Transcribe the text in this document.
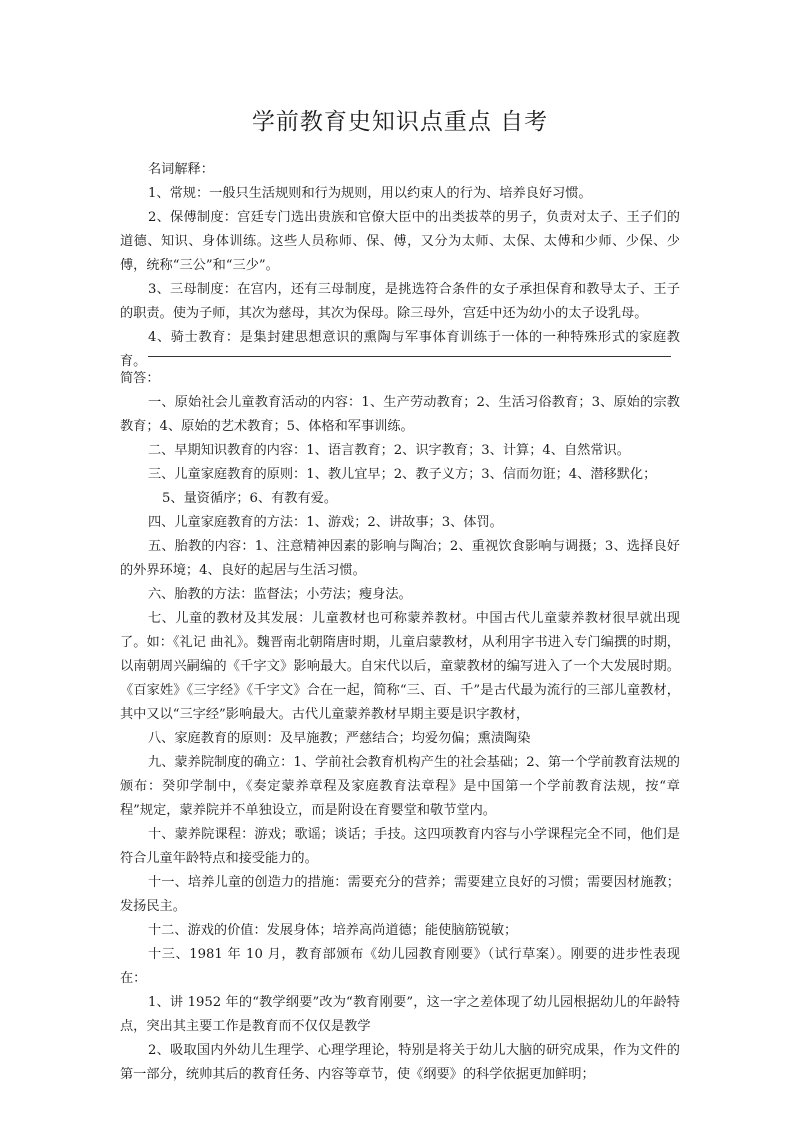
学前教育史知识点重点 自考

名词解释：

1、常规：一般只生活规则和行为规则，用以约束人的行为、培养良好习惯。

2、保傅制度：宫廷专门选出贵族和官僚大臣中的出类拔萃的男子，负责对太子、王子们的道德、知识、身体训练。这些人员称师、保、傅，又分为太师、太保、太傅和少师、少保、少傅，统称“三公”和“三少”。

3、三母制度：在宫内，还有三母制度，是挑选符合条件的女子承担保育和教导太子、王子的职责。使为子师，其次为慈母，其次为保母。除三母外，宫廷中还为幼小的太子设乳母。

4、骑士教育：是集封建思想意识的熏陶与军事体育训练于一体的一种特殊形式的家庭教育。

简答：

一、原始社会儿童教育活动的内容：1、生产劳动教育；2、生活习俗教育；3、原始的宗教教育；4、原始的艺术教育；5、体格和军事训练。

二、早期知识教育的内容：1、语言教育；2、识字教育；3、计算；4、自然常识。

三、儿童家庭教育的原则：1、教儿宜早；2、教子义方；3、信而勿诳；4、潜移默化；

5、量资循序；6、有教有爱。

四、儿童家庭教育的方法：1、游戏；2、讲故事；3、体罚。

五、胎教的内容：1、注意精神因素的影响与陶冶；2、重视饮食影响与调摄；3、选择良好的外界环境；4、良好的起居与生活习惯。

六、胎教的方法：监督法；小劳法；瘦身法。

七、儿童的教材及其发展：儿童教材也可称蒙养教材。中国古代儿童蒙养教材很早就出现了。如：《礼记 曲礼》。魏晋南北朝隋唐时期，儿童启蒙教材，从利用字书进入专门编撰的时期，以南朝周兴嗣编的《千字文》影响最大。自宋代以后，童蒙教材的编写进入了一个大发展时期。《百家姓》《三字经》《千字文》合在一起，简称“三、百、千”是古代最为流行的三部儿童教材，其中又以“三字经”影响最大。古代儿童蒙养教材早期主要是识字教材，

八、家庭教育的原则：及早施教；严慈结合；均爱勿偏；熏渍陶染

九、蒙养院制度的确立：1、学前社会教育机构产生的社会基础；2、第一个学前教育法规的颁布：癸卯学制中，《奏定蒙养章程及家庭教育法章程》是中国第一个学前教育法规，按“章程”规定，蒙养院并不单独设立，而是附设在育婴堂和敬节堂内。

十、蒙养院课程：游戏；歌谣；谈话；手技。这四项教育内容与小学课程完全不同，他们是符合儿童年龄特点和接受能力的。

十一、培养儿童的创造力的措施：需要充分的营养；需要建立良好的习惯；需要因材施教；发扬民主。

十二、游戏的价值：发展身体；培养高尚道德；能使脑筋锐敏；

十三、1981 年 10 月，教育部颁布《幼儿园教育刚要》（试行草案）。刚要的进步性表现在：

1、讲 1952 年的“教学纲要”改为“教育刚要”，这一字之差体现了幼儿园根据幼儿的年龄特点，突出其主要工作是教育而不仅仅是教学

2、吸取国内外幼儿生理学、心理学理论，特别是将关于幼儿大脑的研究成果，作为文件的第一部分，统帅其后的教育任务、内容等章节，使《纲要》的科学依据更加鲜明；
